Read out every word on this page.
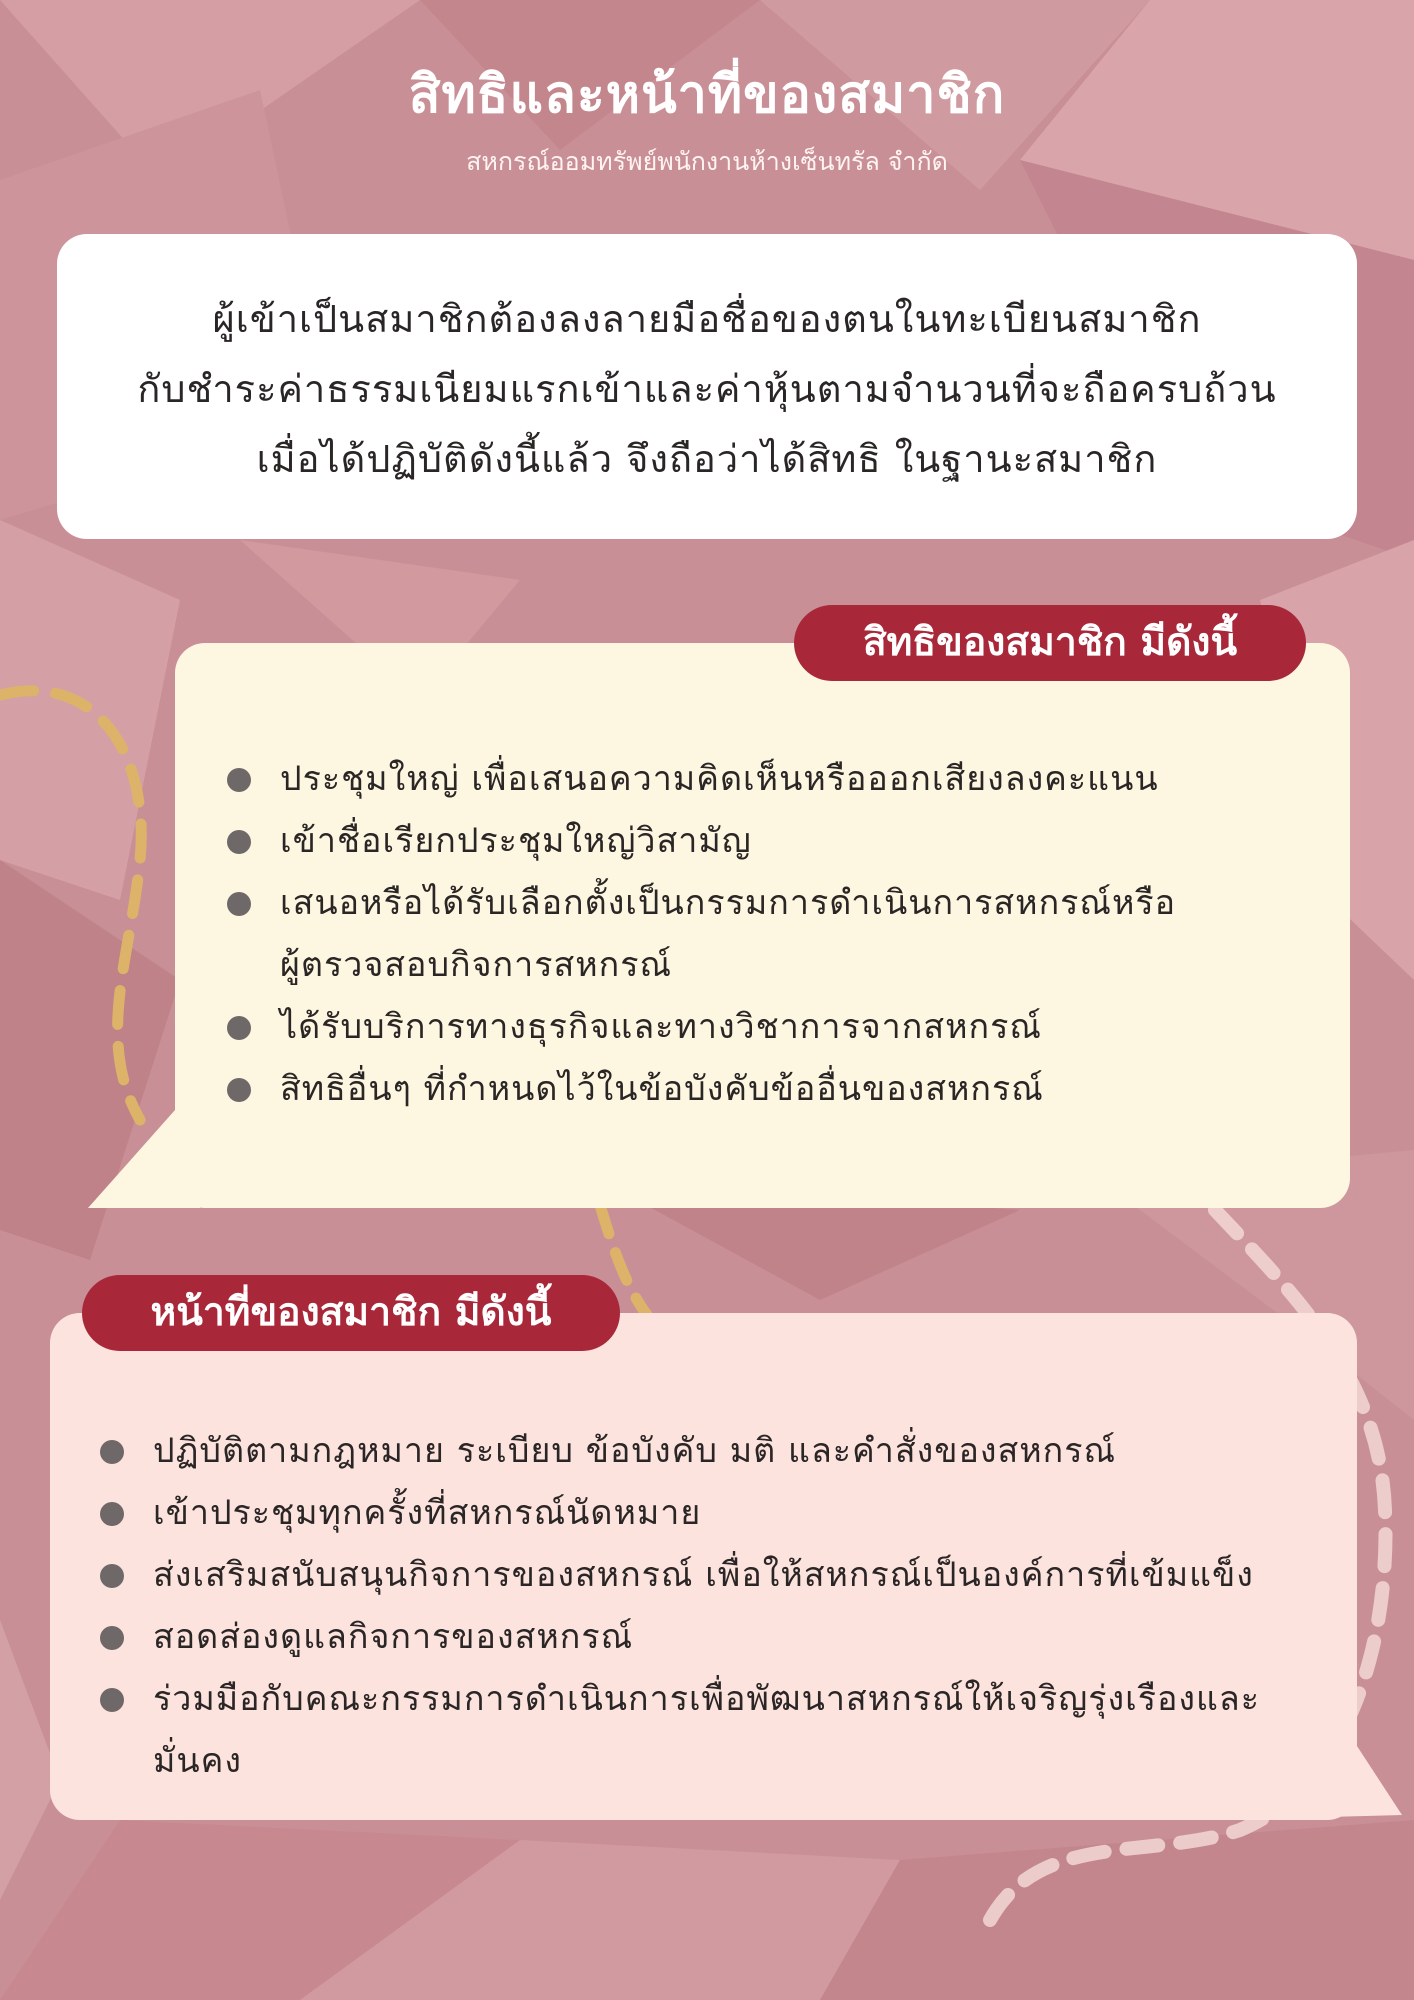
สิทธิและหน้าที่ของสมาชิก
สหกรณ์ออมทรัพย์พนักงานห้างเซ็นทรัล จำกัด
ผู้เข้าเป็นสมาชิกต้องลงลายมือชื่อของตนในทะเบียนสมาชิก
กับชำระค่าธรรมเนียมแรกเข้าและค่าหุ้นตามจำนวนที่จะถือครบถ้วน
เมื่อได้ปฏิบัติดังนี้แล้ว จึงถือว่าได้สิทธิ ในฐานะสมาชิก
สิทธิของสมาชิก มีดังนี้
ประชุมใหญ่ เพื่อเสนอความคิดเห็นหรือออกเสียงลงคะแนน
เข้าชื่อเรียกประชุมใหญ่วิสามัญ
เสนอหรือได้รับเลือกตั้งเป็นกรรมการดำเนินการสหกรณ์หรือ
ผู้ตรวจสอบกิจการสหกรณ์
ได้รับบริการทางธุรกิจและทางวิชาการจากสหกรณ์
สิทธิอื่นๆ ที่กำหนดไว้ในข้อบังคับข้ออื่นของสหกรณ์
หน้าที่ของสมาชิก มีดังนี้
ปฏิบัติตามกฎหมาย ระเบียบ ข้อบังคับ มติ และคำสั่งของสหกรณ์
เข้าประชุมทุกครั้งที่สหกรณ์นัดหมาย
ส่งเสริมสนับสนุนกิจการของสหกรณ์ เพื่อให้สหกรณ์เป็นองค์การที่เข้มแข็ง
สอดส่องดูแลกิจการของสหกรณ์
ร่วมมือกับคณะกรรมการดำเนินการเพื่อพัฒนาสหกรณ์ให้เจริญรุ่งเรืองและ
มั่นคง
